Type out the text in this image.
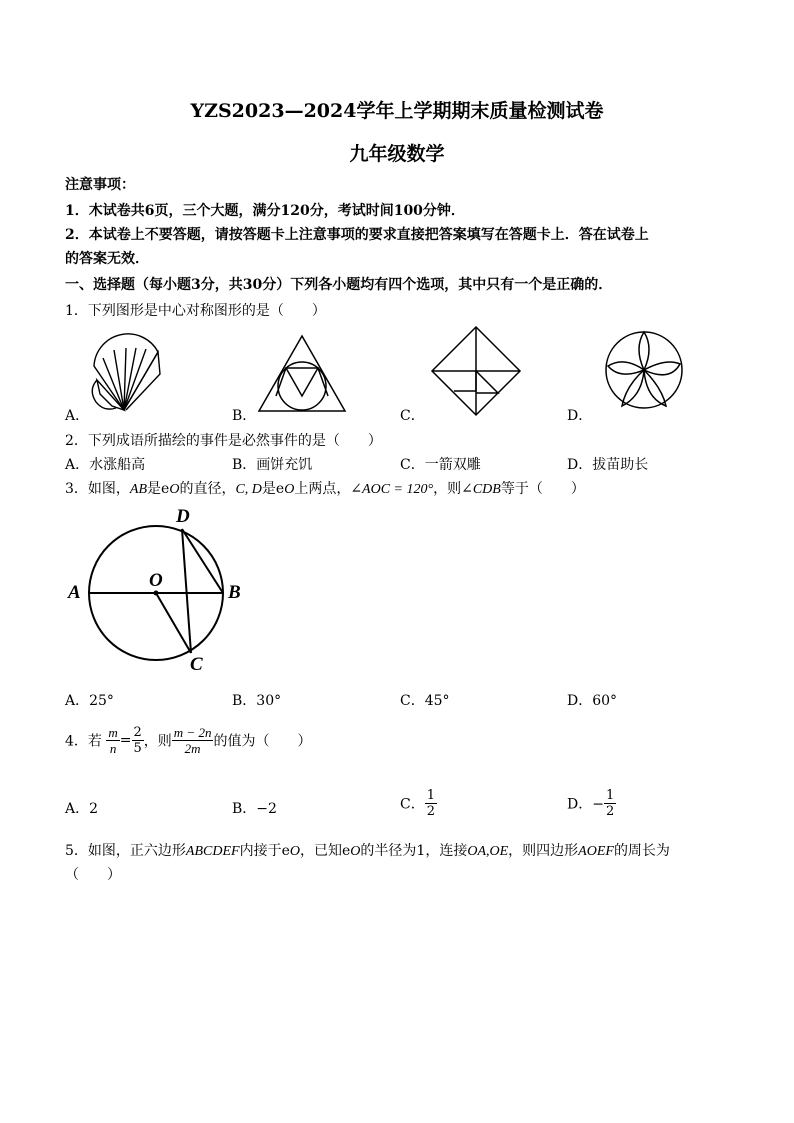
YZS2023—2024学年上学期期末质量检测试卷
九年级数学
注意事项：
1．木试卷共6页，三个大题，满分120分，考试时间100分钟．
2．本试卷上不要答题，请按答题卡上注意事项的要求直接把答案填写在答题卡上．答在试卷上
的答案无效．
一、选择题（每小题3分，共30分）下列各小题均有四个选项，其中只有一个是正确的．
1．下列图形是中心对称图形的是（　　）
A．	B．	C．	D．
2．下列成语所描绘的事件是必然事件的是（　　）
A．水涨船高	B．画饼充饥	C．一箭双雕	D．拔苗助长
3．如图，AB是eO的直径，C, D是eO上两点，∠AOC = 120°，则∠CDB等于（　　）
A	B
C
D
O
A．25°	B．30°	C．45°	D．60°
4．若 $\frac{m}{n} = \frac{2}{5}$ ，则 $\frac{m - 2n}{2m}$ 的值为（　　）
A．2	B．−2	C． $\frac{1}{2}$	D．− $\frac{1}{2}$
5．如图，正六边形ABCDEF内接于eO，已知eO的半径为1，连接OA,OE，则四边形AOEF的周长为
（　　）
